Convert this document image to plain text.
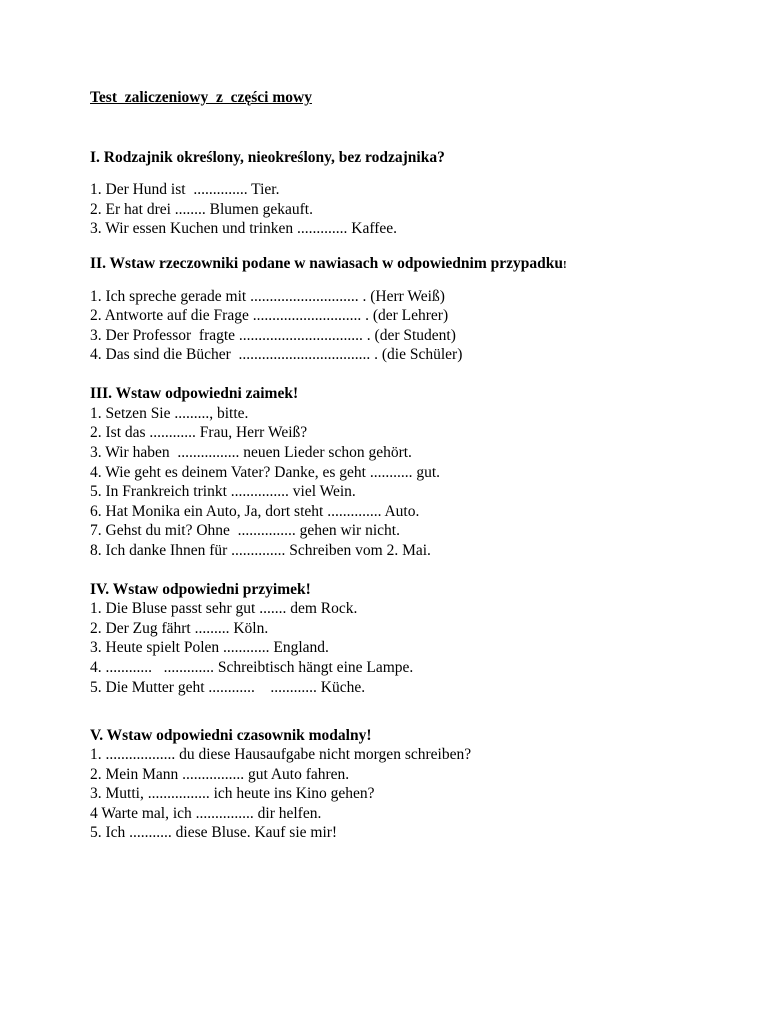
Test  zaliczeniowy  z  części mowy
I. Rodzajnik określony, nieokreślony, bez rodzajnika?
1. Der Hund ist  .............. Tier.
2. Er hat drei ........ Blumen gekauft.
3. Wir essen Kuchen und trinken ............. Kaffee.
II. Wstaw rzeczowniki podane w nawiasach w odpowiednim przypadku!
1. Ich spreche gerade mit ............................ . (Herr Weiß)
2. Antworte auf die Frage ............................ . (der Lehrer)
3. Der Professor  fragte ................................ . (der Student)
4. Das sind die Bücher  .................................. . (die Schüler)
III. Wstaw odpowiedni zaimek!
1. Setzen Sie ........., bitte.
2. Ist das ............ Frau, Herr Weiß?
3. Wir haben  ................ neuen Lieder schon gehört.
4. Wie geht es deinem Vater? Danke, es geht ........... gut.
5. In Frankreich trinkt ............... viel Wein.
6. Hat Monika ein Auto, Ja, dort steht .............. Auto.
7. Gehst du mit? Ohne  ............... gehen wir nicht.
8. Ich danke Ihnen für .............. Schreiben vom 2. Mai.
IV. Wstaw odpowiedni przyimek!
1. Die Bluse passt sehr gut ....... dem Rock.
2. Der Zug fährt ......... Köln.
3. Heute spielt Polen ............ England.
4. ............   ............. Schreibtisch hängt eine Lampe.
5. Die Mutter geht ............    ............ Küche.
V. Wstaw odpowiedni czasownik modalny!
1. .................. du diese Hausaufgabe nicht morgen schreiben?
2. Mein Mann ................ gut Auto fahren.
3. Mutti, ................ ich heute ins Kino gehen?
4 Warte mal, ich ............... dir helfen.
5. Ich ........... diese Bluse. Kauf sie mir!
